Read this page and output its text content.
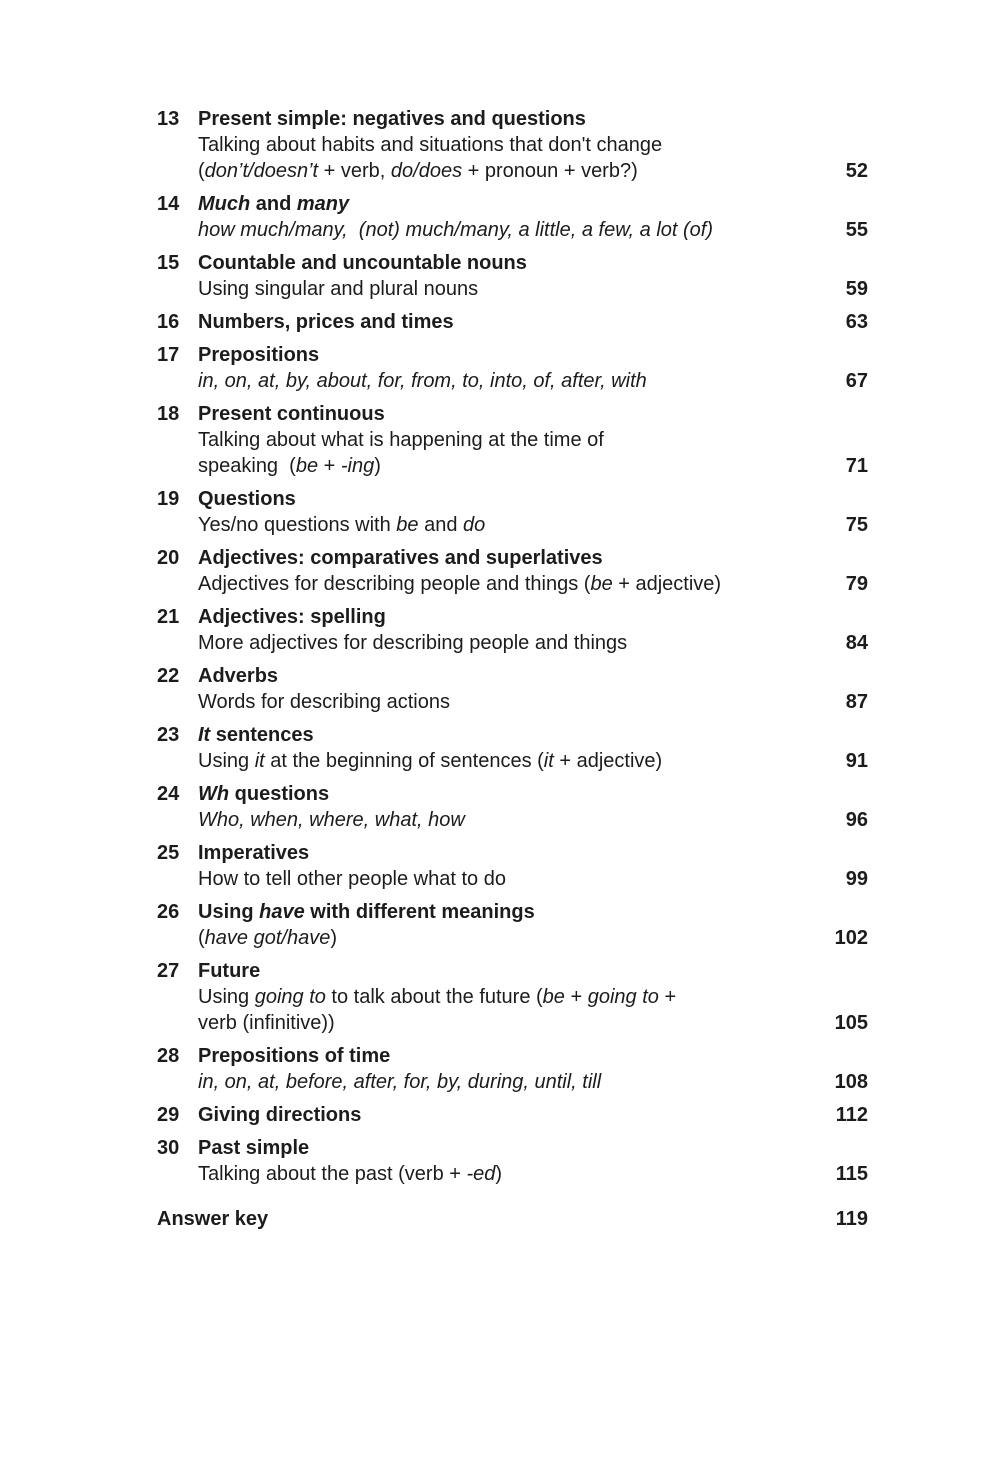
13 Present simple: negatives and questions
Talking about habits and situations that don't change
(don’t/doesn’t + verb, do/does + pronoun + verb?)	52
14 Much and many
how much/many,  (not) much/many, a little, a few, a lot (of)	55
15 Countable and uncountable nouns
Using singular and plural nouns	59
16 Numbers, prices and times	63
17 Prepositions
in, on, at, by, about, for, from, to, into, of, after, with	67
18 Present continuous
Talking about what is happening at the time of
speaking  (be + -ing)	71
19 Questions
Yes/no questions with be and do	75
20 Adjectives: comparatives and superlatives
Adjectives for describing people and things (be + adjective)	79
21 Adjectives: spelling
More adjectives for describing people and things	84
22 Adverbs
Words for describing actions	87
23 It sentences
Using it at the beginning of sentences (it + adjective)	91
24 Wh questions
Who, when, where, what, how	96
25 Imperatives
How to tell other people what to do	99
26 Using have with different meanings
(have got/have)	102
27 Future
Using going to to talk about the future (be + going to +
verb (infinitive))	105
28 Prepositions of time
in, on, at, before, after, for, by, during, until, till	108
29 Giving directions	112
30 Past simple
Talking about the past (verb + -ed)	115
Answer key	119
